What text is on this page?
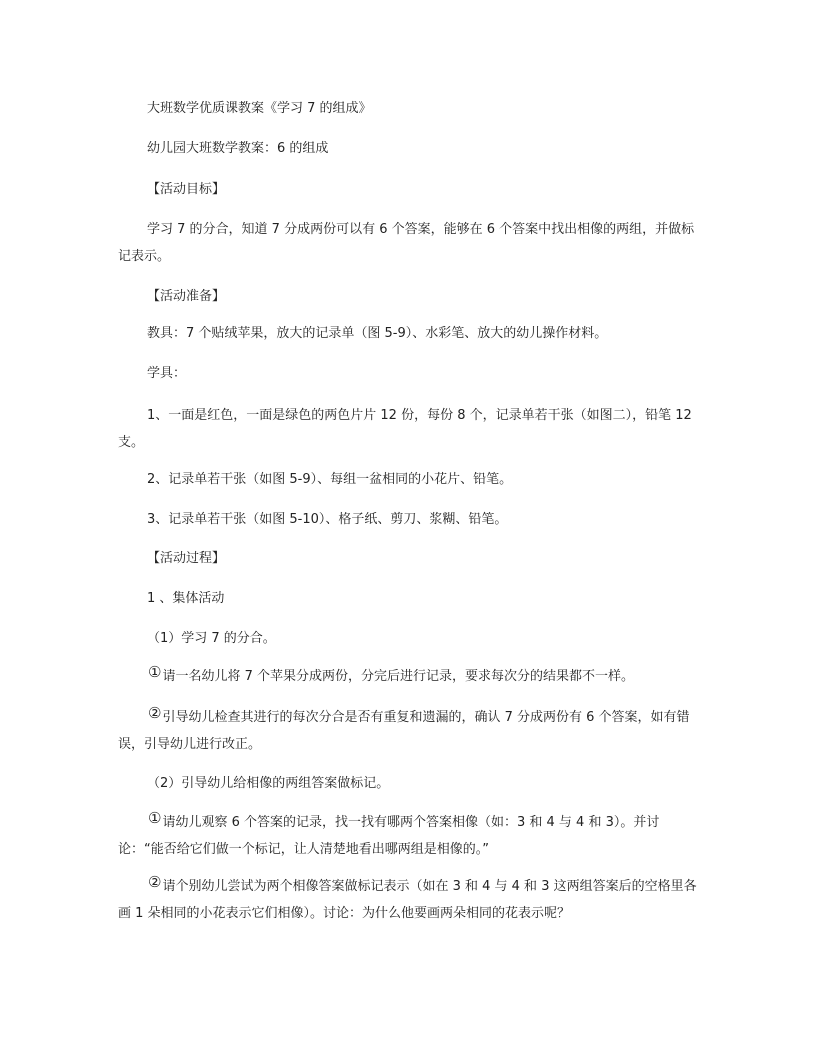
大班数学优质课教案《学习 7 的组成》

幼儿园大班数学教案：6 的组成

【活动目标】

学习 7 的分合，知道 7 分成两份可以有 6 个答案，能够在 6 个答案中找出相像的两组，并做标记表示。

【活动准备】

教具：7 个贴绒苹果，放大的记录单（图 5-9）、水彩笔、放大的幼儿操作材料。

学具：

1、一面是红色，一面是绿色的两色片片 12 份，每份 8 个，记录单若干张（如图二），铅笔 12 支。

2、记录单若干张（如图 5-9）、每组一盆相同的小花片、铅笔。

3、记录单若干张（如图 5-10）、格子纸、剪刀、浆糊、铅笔。

【活动过程】

1 、集体活动

（1）学习 7 的分合。

①请一名幼儿将 7 个苹果分成两份，分完后进行记录，要求每次分的结果都不一样。

②引导幼儿检查其进行的每次分合是否有重复和遗漏的，确认 7 分成两份有 6 个答案，如有错误，引导幼儿进行改正。

（2）引导幼儿给相像的两组答案做标记。

①请幼儿观察 6 个答案的记录，找一找有哪两个答案相像（如：3 和 4 与 4 和 3）。并讨论：“能否给它们做一个标记，让人清楚地看出哪两组是相像的。”

②请个别幼儿尝试为两个相像答案做标记表示（如在 3 和 4 与 4 和 3 这两组答案后的空格里各画 1 朵相同的小花表示它们相像）。讨论：为什么他要画两朵相同的花表示呢？
